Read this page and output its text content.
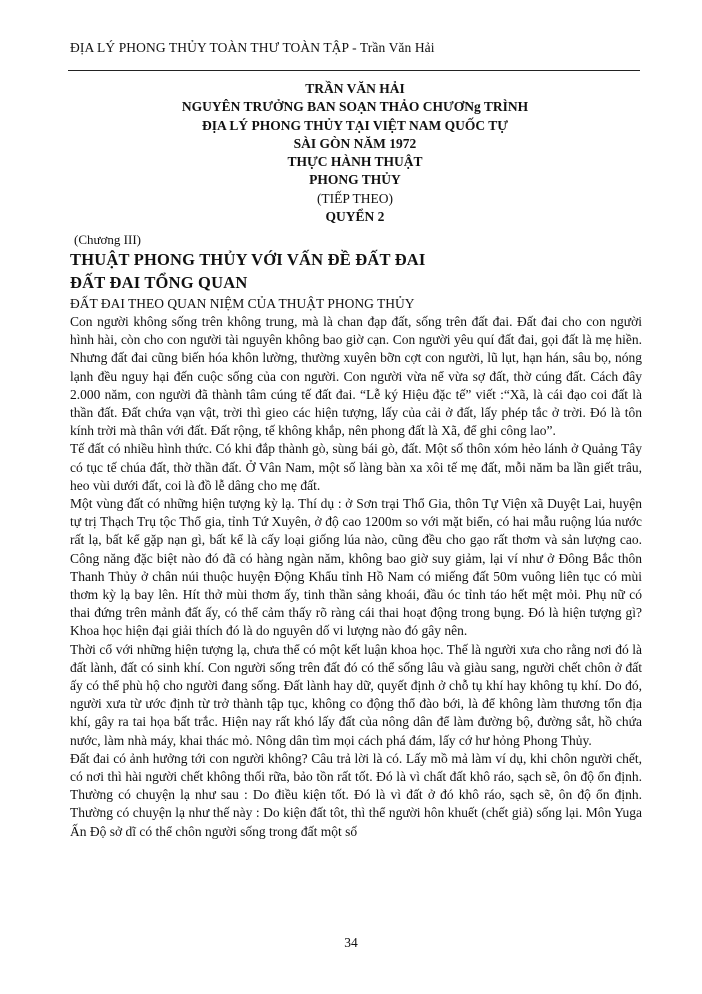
ĐỊA LÝ PHONG THỦY TOÀN THƯ TOÀN TẬP - Trần Văn Hải
TRẦN VĂN HẢI
NGUYÊN TRƯỞNG BAN SOẠN THẢO CHƯƠNg TRÌNH
ĐỊA LÝ PHONG THỦY TẠI VIỆT NAM QUỐC TỰ
SÀI GÒN NĂM 1972
THỰC HÀNH THUẬT
PHONG THỦY
(TIẾP THEO)
QUYỂN 2
(Chương III)
THUẬT PHONG THỦY VỚI VẤN ĐỀ ĐẤT ĐAI
ĐẤT ĐAI TỔNG QUAN
ĐẤT ĐAI THEO QUAN NIỆM CỦA THUẬT PHONG THỦY

Con người không sống trên không trung, mà là chan đạp đất, sống trên đất đai. Đất đai cho con người hình hài, còn cho con người tài nguyên không bao giờ cạn. Con người yêu quí đất đai, gọi đất là mẹ hiền. Nhưng đất đai cũng biến hóa khôn lường, thường xuyên bỡn cợt con người, lũ lụt, hạn hán, sâu bọ, nóng lạnh đều nguy hại đến cuộc sống của con người. Con người vừa nể vừa sợ đất, thờ cúng đất. Cách đây 2.000 năm, con người đã thành tâm cúng tế đất đai. “Lễ ký Hiệu đặc tế” viết :“Xã, là cái đạo coi đất là thần đất. Đất chứa vạn vật, trời thì gieo các hiện tượng, lấy của cải ở đất, lấy phép tắc ở trời. Đó là tôn kính trời mà thân với đất. Đất rộng, tế không khắp, nên phong đất là Xã, để ghi công lao”.

Tế đất có nhiều hình thức. Có khi đắp thành gò, sùng bái gò, đất. Một số thôn xóm hẻo lánh ở Quảng Tây có tục tế chúa đất, thờ thần đất. Ở Vân Nam, một số làng bàn xa xôi tế mẹ đất, mỗi năm ba lần giết trâu, heo vùi dưới đất, coi là đồ lễ dâng cho mẹ đất.

Một vùng đất có những hiện tượng kỳ lạ. Thí dụ : ở Sơn trại Thổ Gia, thôn Tự Viện xã Duyệt Lai, huyện tự trị Thạch Trụ tộc Thổ gia, tỉnh Tứ Xuyên, ở độ cao 1200m so với mặt biển, có hai mẫu ruộng lúa nước rất lạ, bất kể gặp nạn gì, bất kể là cấy loại giống lúa nào, cũng đều cho gạo rất thơm và sản lượng cao. Công năng đặc biệt nào đó đã có hàng ngàn năm, không bao giờ suy giảm, lại ví như ở Đông Bắc thôn Thanh Thủy ở chân núi thuộc huyện Động Khẩu tỉnh Hồ Nam có miếng đất 50m vuông liên tục có mùi thơm kỳ lạ bay lên. Hít thở mùi thơm ấy, tinh thần sảng khoái, đầu óc tỉnh táo hết mệt mỏi. Phụ nữ có thai đứng trên mảnh đất ấy, có thể cảm thấy rõ ràng cái thai hoạt động trong bụng. Đó là hiện tượng gì? Khoa học hiện đại giải thích đó là do nguyên dố vi lượng nào đó gây nên.

Thời cổ với những hiện tượng lạ, chưa thể có một kết luận khoa học. Thế là người xưa cho rằng nơi đó là đất lành, đất có sinh khí. Con người sống trên đất đó có thể sống lâu và giàu sang, người chết chôn ở đất ấy có thể phù hộ cho người đang sống. Đất lành hay dữ, quyết định ở chỗ tụ khí hay không tụ khí. Do đó, người xưa từ ước định từ trở thành tập tục, không co động thổ đào bới, là để không làm thương tổn địa khí, gây ra tai họa bất trắc. Hiện nay rất khó lấy đất của nông dân để làm đường bộ, đường sắt, hồ chứa nước, làm nhà máy, khai thác mỏ. Nông dân tìm mọi cách phá đám, lấy cớ hư hỏng Phong Thủy.

Đất đai có ảnh hưởng tới con người không? Câu trả lời là có. Lấy mồ mả làm ví dụ, khi chôn người chết, có nơi thì hài người chết không thối rữa, bảo tồn rất tốt. Đó là vì chất đất khô ráo, sạch sẽ, ôn độ ổn định. Thường có chuyện lạ như sau : Do điều kiện tốt. Đó là vì đất ở đó khô ráo, sạch sẽ, ôn độ ổn định. Thường có chuyện lạ như thế này : Do kiện đất tôt, thì thể người hôn khuết (chết giả) sống lại. Môn Yuga Ấn Độ sở dĩ có thể chôn người sống trong đất một số

34
